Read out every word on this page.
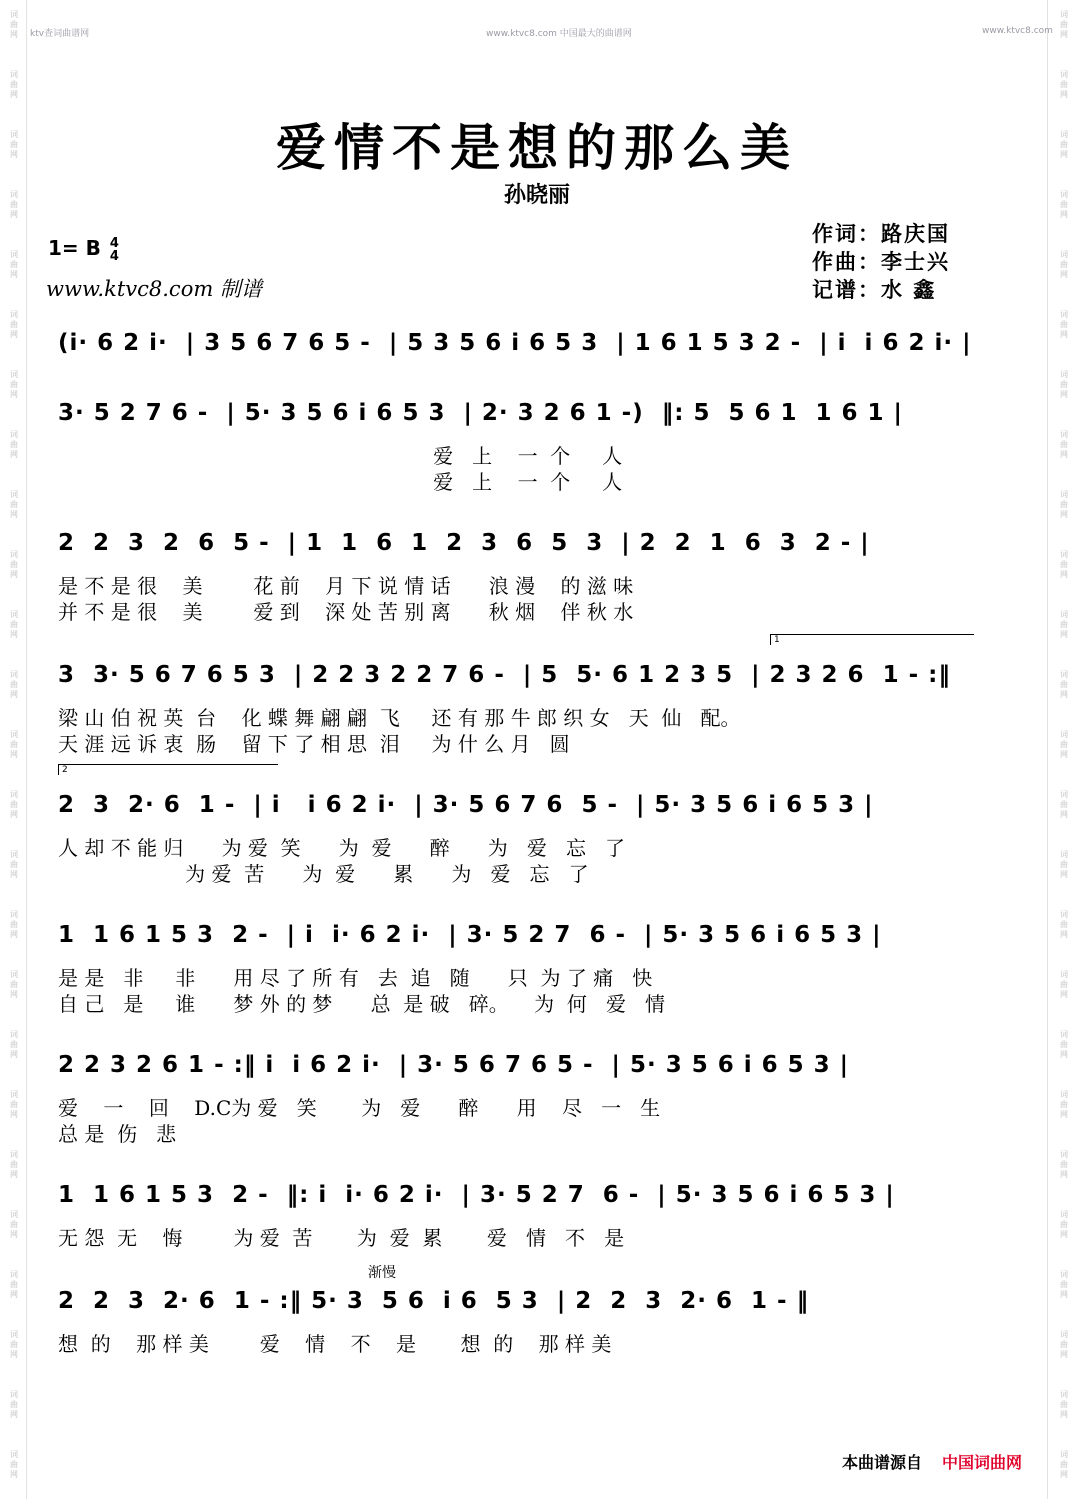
ktv查词曲谱网	www.ktvc8.com 中国最大的曲谱网	www.ktvc8.com
爱情不是想的那么美
孙晓丽
作词：路庆国
作曲：李士兴
记谱：水 鑫
1= B 4
4
www.ktvc8.com 制谱
(i· 6 2 i·  | 3 5 6 7 6 5 -  | 5 3 5 6 i 6 5 3  | 1 6 1 5 3 2 -  | i  i 6 2 i· |
3· 5 2 7 6 -  | 5· 3 5 6 i 6 5 3  | 2· 3 2 6 1 -)  ‖: 5  5 6 1  1 6 1 |
爱   上    一  个     人
爱   上    一  个     人
2  2  3  2  6  5 -  | 1  1  6  1  2  3  6  5  3  | 2  2  1  6  3  2 - |
是 不 是 很    美        花 前    月 下 说 情 话      浪 漫    的 滋 味
并 不 是 很    美        爱 到    深 处 苦 别 离      秋 烟    伴 秋 水
3  3· 5 6 7 6 5 3  | 2 2 3 2 2 7 6 -  | 5  5· 6 1 2 3 5  | 2 3 2 6  1 - :‖
梁 山 伯 祝 英  台    化 蝶 舞 翩 翩  飞     还 有 那 牛 郎 织 女   天  仙   配。
天 涯 远 诉 衷  肠    留 下 了 相 思  泪     为 什 么 月   圆
2  3  2· 6  1 -  | i   i 6 2 i·  | 3· 5 6 7 6  5 -  | 5· 3 5 6 i 6 5 3 |
人 却 不 能 归      为 爱  笑      为  爱      醉      为   爱   忘   了
为 爱  苦      为  爱      累      为   爱   忘   了
1  1 6 1 5 3  2 -  | i  i· 6 2 i·  | 3· 5 2 7  6 -  | 5· 3 5 6 i 6 5 3 |
是 是   非     非      用 尽 了 所 有   去  追   随      只  为 了 痛   快
自 己   是     谁      梦 外 的 梦      总  是 破   碎。    为  何   爱   情
2 2 3 2 6 1 - :‖ i  i 6 2 i·  | 3· 5 6 7 6 5 -  | 5· 3 5 6 i 6 5 3 |
爱    一    回    D.C为 爱   笑       为   爱      醉      用    尽   一   生
总 是  伤   悲
1  1 6 1 5 3  2 -  ‖: i  i· 6 2 i·  | 3· 5 2 7  6 -  | 5· 3 5 6 i 6 5 3 |
无 怨  无    悔        为 爱  苦       为  爱  累       爱   情   不   是
2  2  3  2· 6  1 - :‖ 5· 3  5 6  i 6  5 3  | 2  2  3  2· 6  1 - ‖
想  的    那 样 美        爱    情    不    是       想  的    那 样 美
渐慢
1
2
本曲谱源自 中国词曲网
词
曲
网
词
曲
网
词
曲
网
词
曲
网
词
曲
网
词
曲
网
词
曲
网
词
曲
网
词
曲
网
词
曲
网
词
曲
网
词
曲
网
词
曲
网
词
曲
网
词
曲
网
词
曲
网
词
曲
网
词
曲
网
词
曲
网
词
曲
网
词
曲
网
词
曲
网
词
曲
网
词
曲
网
词
曲
网
词
曲
网
词
曲
网
词
曲
网
词
曲
网
词
曲
网
词
曲
网
词
曲
网
词
曲
网
词
曲
网
词
曲
网
词
曲
网
词
曲
网
词
曲
网
词
曲
网
词
曲
网
词
曲
网
词
曲
网
词
曲
网
词
曲
网
词
曲
网
词
曲
网
词
曲
网
词
曲
网
词
曲
网
词
曲
网
